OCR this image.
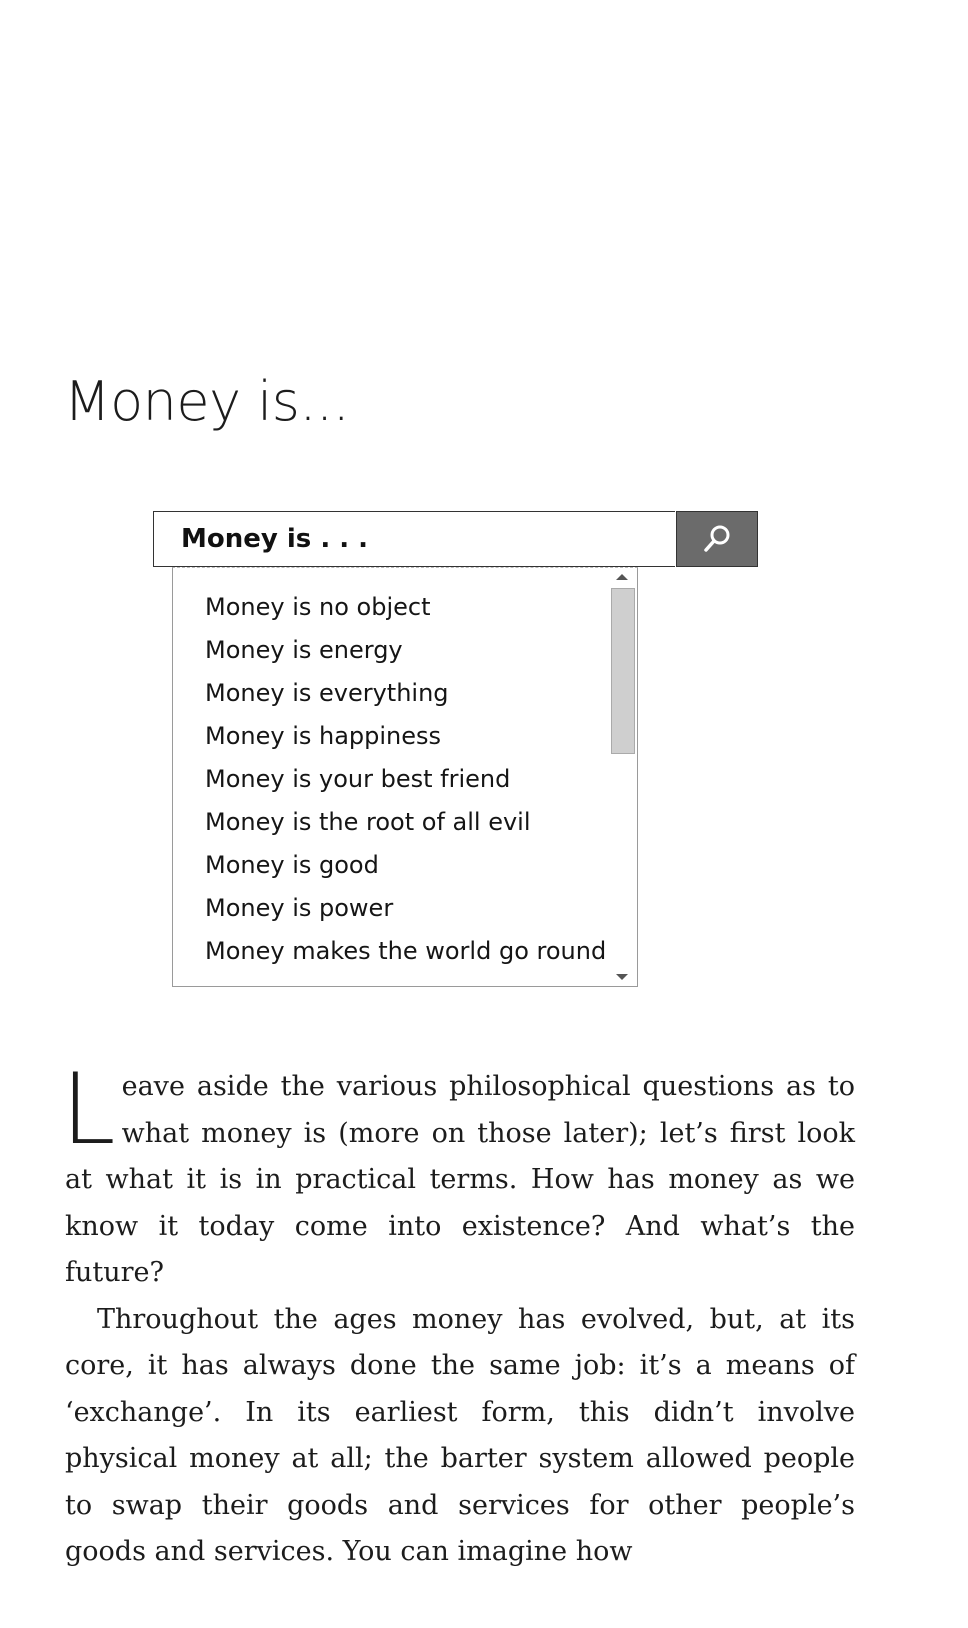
Money is...
Money is . . .
Money is no object
Money is energy
Money is everything
Money is happiness
Money is your best friend
Money is the root of all evil
Money is good
Money is power
Money makes the world go round

Leave aside the various philosophical questions as to what money is (more on those later); let’s first look at what it is in practical terms. How has money as we know it today come into existence? And what’s the future?

Throughout the ages money has evolved, but, at its core, it has always done the same job: it’s a means of ‘exchange’. In its earliest form, this didn’t involve physical money at all; the barter system allowed people to swap their goods and services for other people’s goods and services. You can imagine how
